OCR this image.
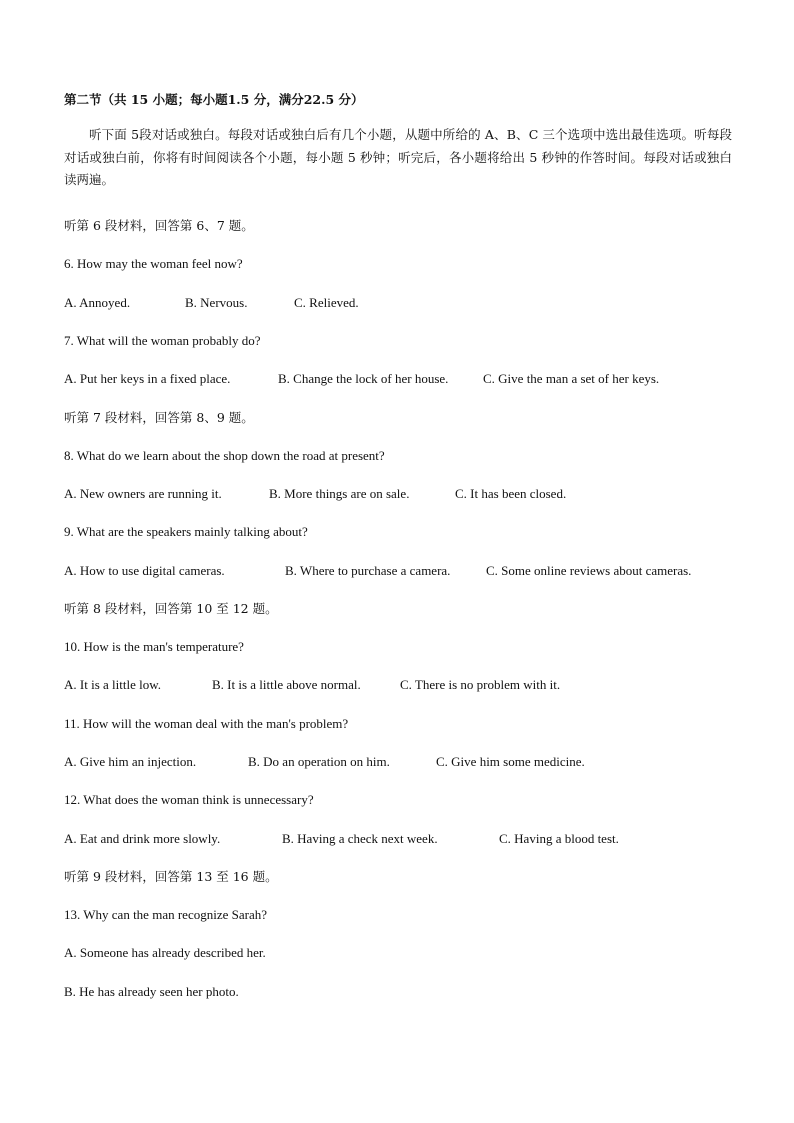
第二节（共 15 小题；每小题1.5 分，满分22.5 分）
听下面 5段对话或独白。每段对话或独白后有几个小题，从题中所给的 A、B、C 三个选项中选出最佳选项。听每段对话或独白前，你将有时间阅读各个小题，每小题 5 秒钟；听完后，各小题将给出 5 秒钟的作答时间。每段对话或独白读两遍。
听第 6 段材料，回答第 6、7 题。
6. How may the woman feel now?
A. Annoyed.	B. Nervous.	C. Relieved.
7. What will the woman probably do?
A. Put her keys in a fixed place.	B. Change the lock of her house.	C. Give the man a set of her keys.
听第 7 段材料，回答第 8、9 题。
8. What do we learn about the shop down the road at present?
A. New owners are running it.	B. More things are on sale.	C. It has been closed.
9. What are the speakers mainly talking about?
A. How to use digital cameras.	B. Where to purchase a camera.	C. Some online reviews about cameras.
听第 8 段材料，回答第 10 至 12 题。
10. How is the man's temperature?
A. It is a little low.	B. It is a little above normal.	C. There is no problem with it.
11. How will the woman deal with the man's problem?
A. Give him an injection.	B. Do an operation on him.	C. Give him some medicine.
12. What does the woman think is unnecessary?
A. Eat and drink more slowly.	B. Having a check next week.	C. Having a blood test.
听第 9 段材料，回答第 13 至 16 题。
13. Why can the man recognize Sarah?
A. Someone has already described her.
B. He has already seen her photo.
